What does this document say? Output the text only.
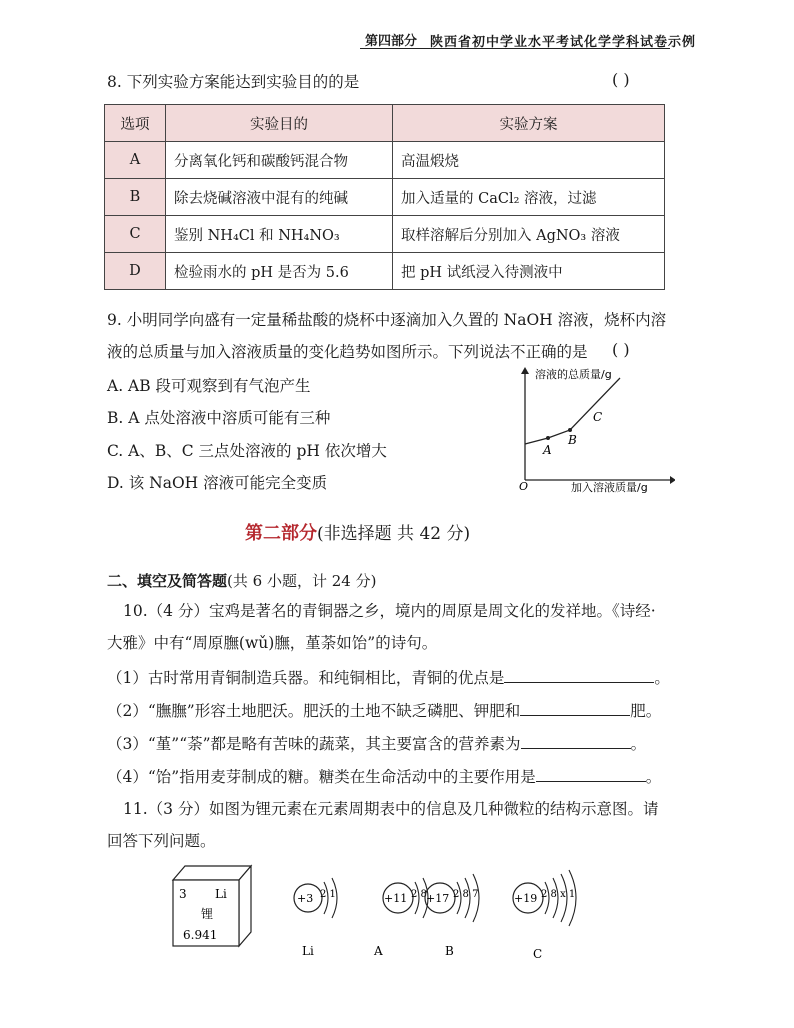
第四部分 陕西省初中学业水平考试化学学科试卷示例
8. 下列实验方案能达到实验目的的是	( )
选项	实验目的	实验方案
A	分离氧化钙和碳酸钙混合物	高温煅烧
B	除去烧碱溶液中混有的纯碱	加入适量的 CaCl₂ 溶液，过滤
C	鉴别 NH₄Cl 和 NH₄NO₃	取样溶解后分别加入 AgNO₃ 溶液
D	检验雨水的 pH 是否为 5.6	把 pH 试纸浸入待测液中
9. 小明同学向盛有一定量稀盐酸的烧杯中逐滴加入久置的 NaOH 溶液，烧杯内溶
液的总质量与加入溶液质量的变化趋势如图所示。下列说法不正确的是 ( )
A. AB 段可观察到有气泡产生
B. A 点处溶液中溶质可能有三种
C. A、B、C 三点处溶液的 pH 依次增大
D. 该 NaOH 溶液可能完全变质
溶液的总质量/g
加入溶液质量/g
O
A
B
C
第二部分(非选择题 共 42 分)
二、填空及简答题(共 6 小题，计 24 分)
10.（4 分）宝鸡是著名的青铜器之乡，境内的周原是周文化的发祥地。《诗经·
大雅》中有“周原膴(wǔ)膴，堇荼如饴”的诗句。
（1）古时常用青铜制造兵器。和纯铜相比，青铜的优点是	。
（2）“膴膴”形容土地肥沃。肥沃的土地不缺乏磷肥、钾肥和	肥。
（3）“堇”“荼”都是略有苦味的蔬菜，其主要富含的营养素为	。
（4）“饴”指用麦芽制成的糖。糖类在生命活动中的主要作用是	。
11.（3 分）如图为锂元素在元素周期表中的信息及几种微粒的结构示意图。请
回答下列问题。
3 Li
锂
6.941
+3 2 1
Li
+11 2 8
A
+17 2 8 7
B
+19 2 8 x 1
C
